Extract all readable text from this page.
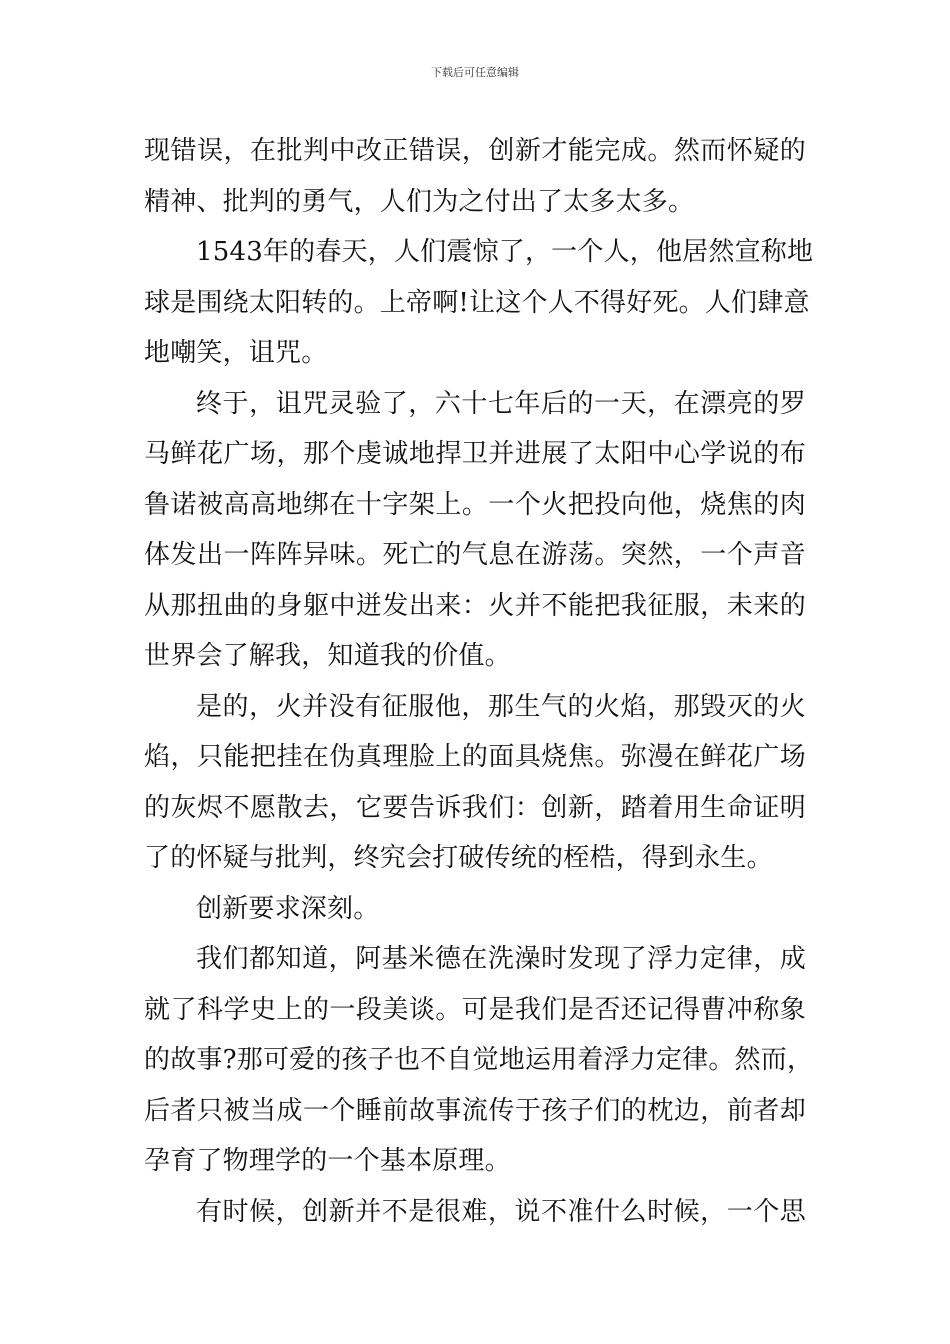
下载后可任意编辑
现错误，在批判中改正错误，创新才能完成。然而怀疑的
精神、批判的勇气，人们为之付出了太多太多。
1543年的春天，人们震惊了，一个人，他居然宣称地
球是围绕太阳转的。上帝啊!让这个人不得好死。人们肆意
地嘲笑，诅咒。
终于，诅咒灵验了，六十七年后的一天，在漂亮的罗
马鲜花广场，那个虔诚地捍卫并进展了太阳中心学说的布
鲁诺被高高地绑在十字架上。一个火把投向他，烧焦的肉
体发出一阵阵异味。死亡的气息在游荡。突然，一个声音
从那扭曲的身躯中迸发出来：火并不能把我征服，未来的
世界会了解我，知道我的价值。
是的，火并没有征服他，那生气的火焰，那毁灭的火
焰，只能把挂在伪真理脸上的面具烧焦。弥漫在鲜花广场
的灰烬不愿散去，它要告诉我们：创新，踏着用生命证明
了的怀疑与批判，终究会打破传统的桎梏，得到永生。
创新要求深刻。
我们都知道，阿基米德在洗澡时发现了浮力定律，成
就了科学史上的一段美谈。可是我们是否还记得曹冲称象
的故事?那可爱的孩子也不自觉地运用着浮力定律。然而，
后者只被当成一个睡前故事流传于孩子们的枕边，前者却
孕育了物理学的一个基本原理。
有时候，创新并不是很难，说不准什么时候，一个思
